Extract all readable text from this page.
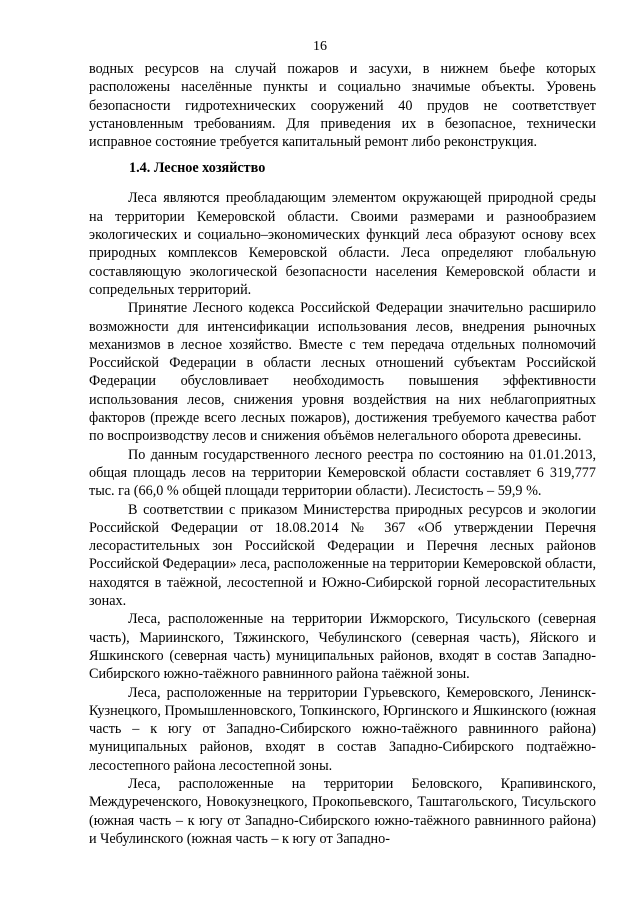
16

водных ресурсов на случай пожаров и засухи, в нижнем бьефе которых расположены населённые пункты и социально значимые объекты. Уровень безопасности гидротехнических сооружений 40 прудов не соответствует установленным требованиям. Для приведения их в безопасное, технически исправное состояние требуется капитальный ремонт либо реконструкция.

1.4. Лесное хозяйство

Леса являются преобладающим элементом окружающей природной среды на территории Кемеровской области. Своими размерами и разнообразием экологических и социально–экономических функций леса образуют основу всех природных комплексов Кемеровской области. Леса определяют глобальную составляющую экологической безопасности населения Кемеровской области и сопредельных территорий.

Принятие Лесного кодекса Российской Федерации значительно расширило возможности для интенсификации использования лесов, внедрения рыночных механизмов в лесное хозяйство. Вместе с тем передача отдельных полномочий Российской Федерации в области лесных отношений субъектам Российской Федерации обусловливает необходимость повышения эффективности использования лесов, снижения уровня воздействия на них неблагоприятных факторов (прежде всего лесных пожаров), достижения требуемого качества работ по воспроизводству лесов и снижения объёмов нелегального оборота древесины.

По данным государственного лесного реестра по состоянию на 01.01.2013, общая площадь лесов на территории Кемеровской области составляет 6 319,777 тыс. га (66,0 % общей площади территории области). Лесистость – 59,9 %.

В соответствии с приказом Министерства природных ресурсов и экологии Российской Федерации от 18.08.2014 № 367 «Об утверждении Перечня лесорастительных зон Российской Федерации и Перечня лесных районов Российской Федерации» леса, расположенные на территории Кемеровской области, находятся в таёжной, лесостепной и Южно-Сибирской горной лесорастительных зонах.

Леса, расположенные на территории Ижморского, Тисульского (северная часть), Мариинского, Тяжинского, Чебулинского (северная часть), Яйского и Яшкинского (северная часть) муниципальных районов, входят в состав Западно-Сибирского южно-таёжного равнинного района таёжной зоны.

Леса, расположенные на территории Гурьевского, Кемеровского, Ленинск-Кузнецкого, Промышленновского, Топкинского, Юргинского и Яшкинского (южная часть – к югу от Западно-Сибирского южно-таёжного равнинного района) муниципальных районов, входят в состав Западно-Сибирского подтаёжно-лесостепного района лесостепной зоны.

Леса, расположенные на территории Беловского, Крапивинского, Междуреченского, Новокузнецкого, Прокопьевского, Таштагольского, Тисульского (южная часть – к югу от Западно-Сибирского южно-таёжного равнинного района) и Чебулинского (южная часть – к югу от Западно-
